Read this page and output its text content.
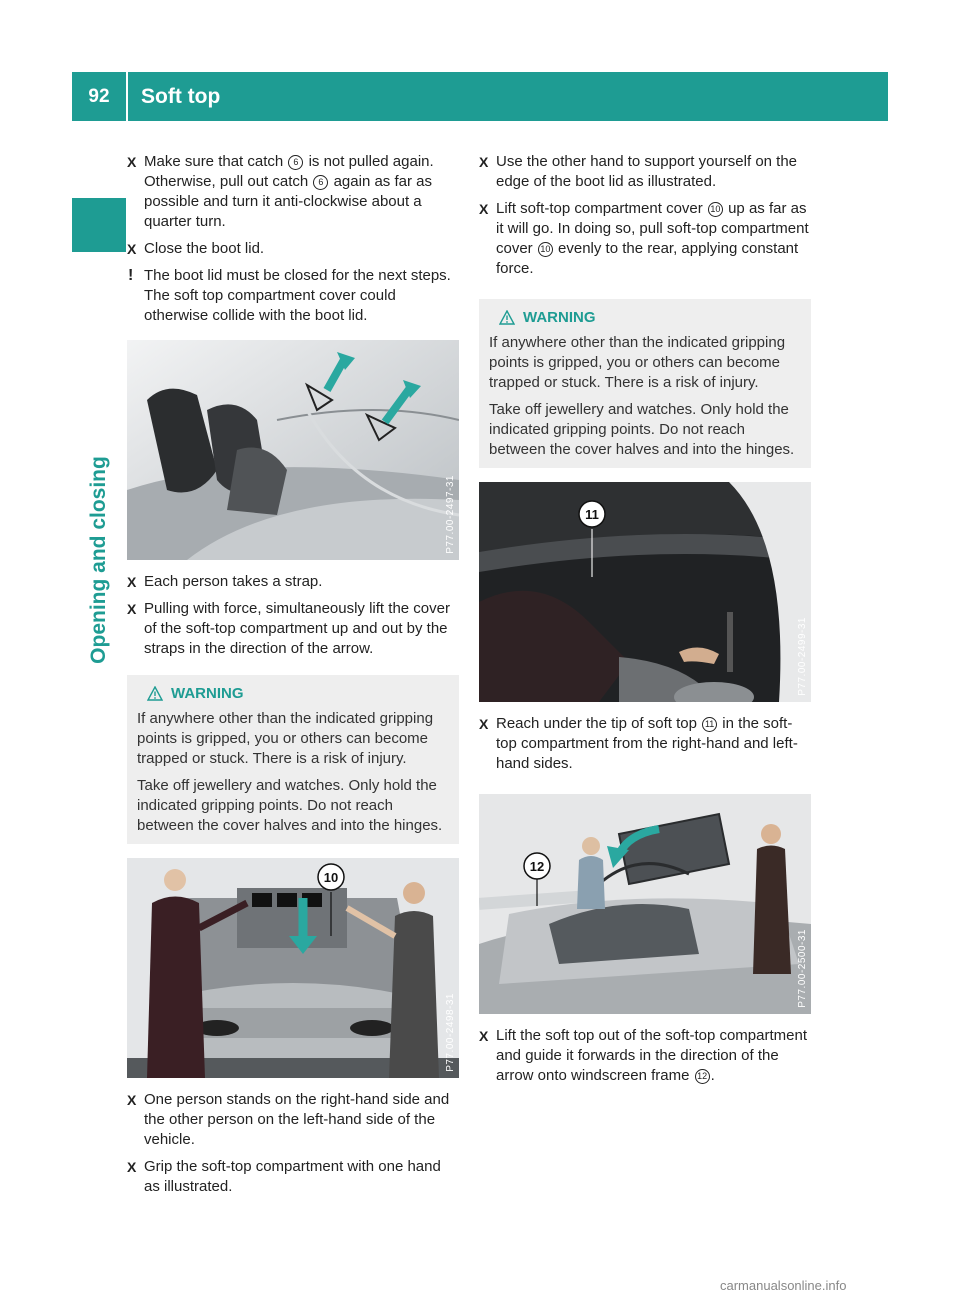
92	Soft top
Opening and closing
X Make sure that catch 6 is not pulled again. Otherwise, pull out catch 6 again as far as possible and turn it anti-clockwise about a quarter turn.
X Close the boot lid.
! The boot lid must be closed for the next steps. The soft top compartment cover could otherwise collide with the boot lid.
P77.00-2497-31
X Each person takes a strap.
X Pulling with force, simultaneously lift the cover of the soft-top compartment up and out by the straps in the direction of the arrow.
WARNING

If anywhere other than the indicated gripping points is gripped, you or others can become trapped or stuck. There is a risk of injury.

Take off jewellery and watches. Only hold the indicated gripping points. Do not reach between the cover halves and into the hinges.

10
P77.00-2498-31
X One person stands on the right-hand side and the other person on the left-hand side of the vehicle.
X Grip the soft-top compartment with one hand as illustrated.
X Use the other hand to support yourself on the edge of the boot lid as illustrated.
X Lift soft-top compartment cover 10 up as far as it will go. In doing so, pull soft-top compartment cover 10 evenly to the rear, applying constant force.
WARNING

If anywhere other than the indicated gripping points is gripped, you or others can become trapped or stuck. There is a risk of injury.

Take off jewellery and watches. Only hold the indicated gripping points. Do not reach between the cover halves and into the hinges.

11
P77.00-2499-31
X Reach under the tip of soft top 11 in the soft-top compartment from the right-hand and left-hand sides.
12
P77.00-2500-31
X Lift the soft top out of the soft-top compartment and guide it forwards in the direction of the arrow onto windscreen frame 12 .
carmanualsonline.info
